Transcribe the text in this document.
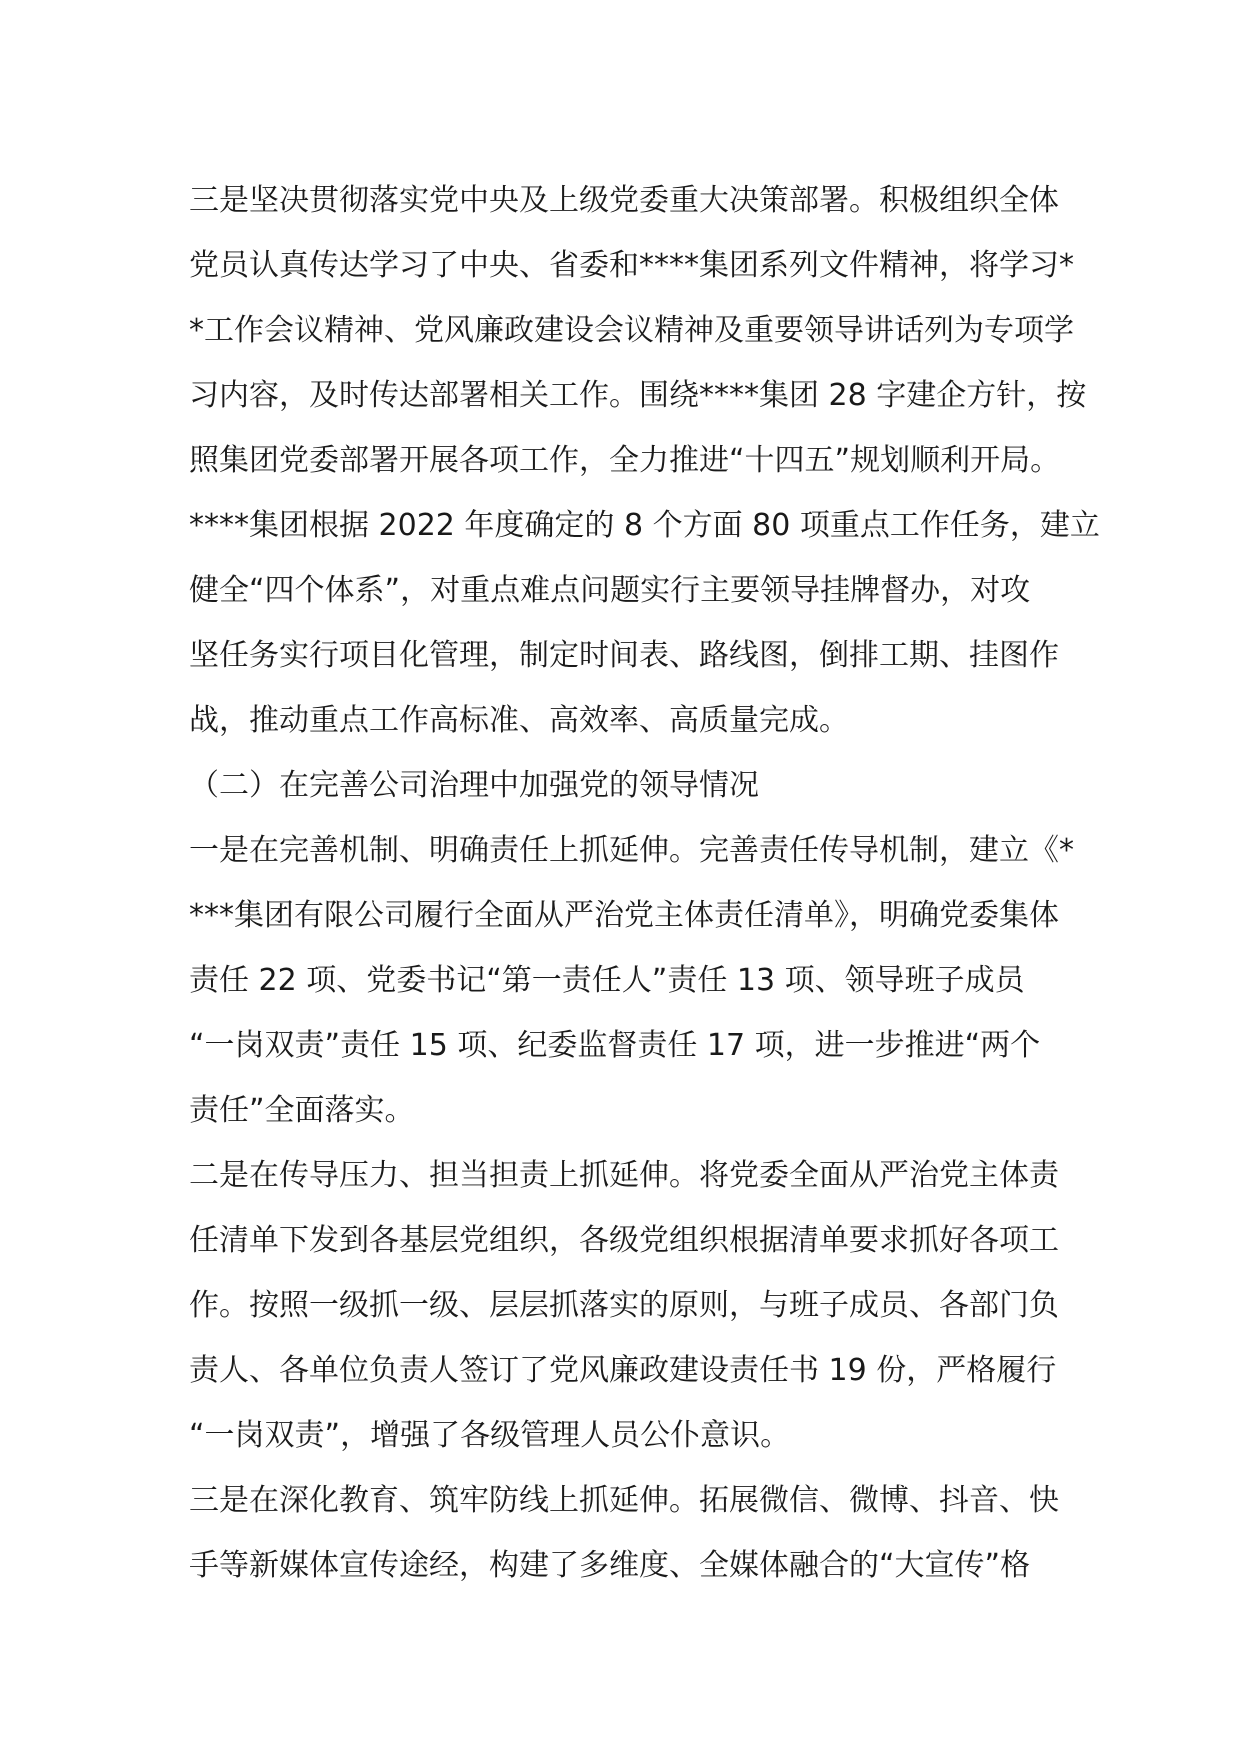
三是坚决贯彻落实党中央及上级党委重大决策部署。积极组织全体

党员认真传达学习了中央、省委和****集团系列文件精神，将学习*

*工作会议精神、党风廉政建设会议精神及重要领导讲话列为专项学

习内容，及时传达部署相关工作。围绕****集团 28 字建企方针，按

照集团党委部署开展各项工作，全力推进“十四五”规划顺利开局。

****集团根据 2022 年度确定的 8 个方面 80 项重点工作任务，建立

健全“四个体系”，对重点难点问题实行主要领导挂牌督办，对攻

坚任务实行项目化管理，制定时间表、路线图，倒排工期、挂图作

战，推动重点工作高标准、高效率、高质量完成。

（二）在完善公司治理中加强党的领导情况

一是在完善机制、明确责任上抓延伸。完善责任传导机制，建立《*

***集团有限公司履行全面从严治党主体责任清单》，明确党委集体

责任 22 项、党委书记“第一责任人”责任 13 项、领导班子成员

“一岗双责”责任 15 项、纪委监督责任 17 项，进一步推进“两个

责任”全面落实。

二是在传导压力、担当担责上抓延伸。将党委全面从严治党主体责

任清单下发到各基层党组织，各级党组织根据清单要求抓好各项工

作。按照一级抓一级、层层抓落实的原则，与班子成员、各部门负

责人、各单位负责人签订了党风廉政建设责任书 19 份，严格履行

“一岗双责”，增强了各级管理人员公仆意识。

三是在深化教育、筑牢防线上抓延伸。拓展微信、微博、抖音、快

手等新媒体宣传途经，构建了多维度、全媒体融合的“大宣传”格
